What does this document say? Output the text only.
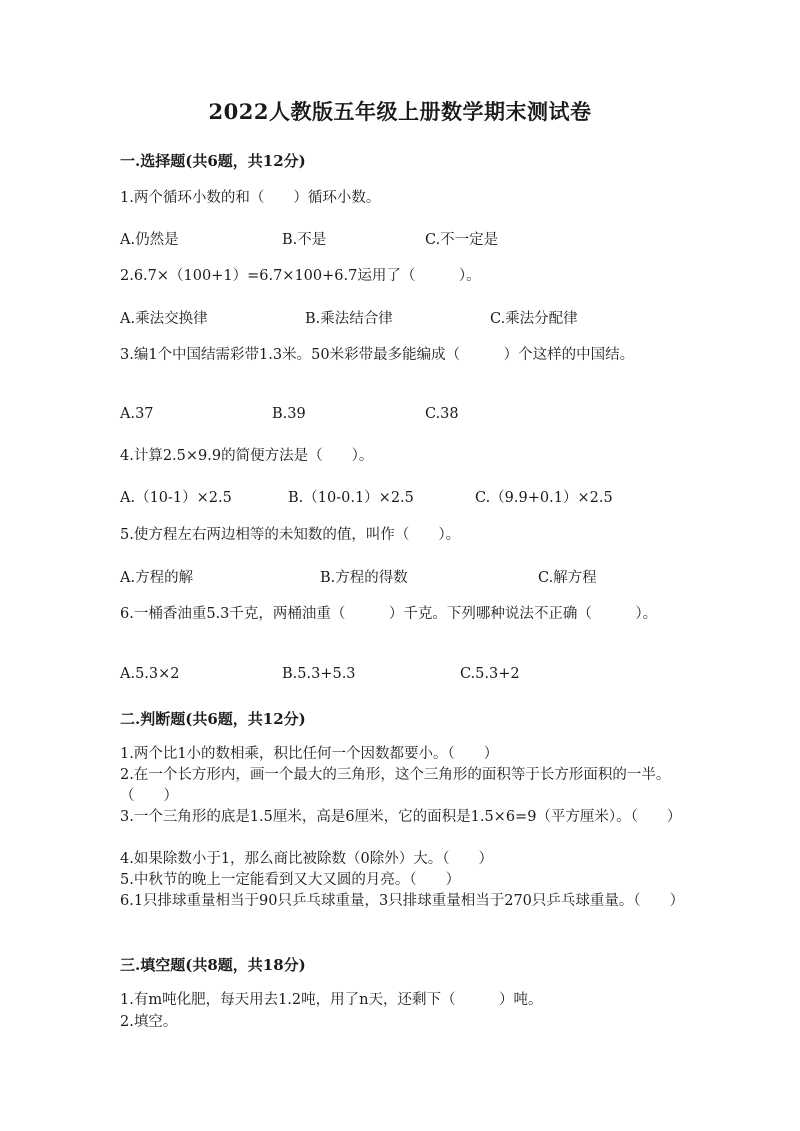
2022人教版五年级上册数学期末测试卷
一.选择题(共6题，共12分)
1.两个循环小数的和（　　）循环小数。
A.仍然是	B.不是	C.不一定是
2.6.7×（100+1）=6.7×100+6.7运用了（　　　）。
A.乘法交换律	B.乘法结合律	C.乘法分配律
3.编1个中国结需彩带1.3米。50米彩带最多能编成（　　　）个这样的中国结。
A.37	B.39	C.38
4.计算2.5×9.9的简便方法是（　　）。
A.（10-1）×2.5	B.（10-0.1）×2.5	C.（9.9+0.1）×2.5
5.使方程左右两边相等的未知数的值，叫作（　　）。
A.方程的解	B.方程的得数	C.解方程
6.一桶香油重5.3千克，两桶油重（　　　）千克。下列哪种说法不正确（　　　）。
A.5.3×2	B.5.3+5.3	C.5.3+2
二.判断题(共6题，共12分)
1.两个比1小的数相乘，积比任何一个因数都要小。（　　）
2.在一个长方形内，画一个最大的三角形，这个三角形的面积等于长方形面积的一半。（　　）
3.一个三角形的底是1.5厘米，高是6厘米，它的面积是1.5×6=9（平方厘米）。（　　）
4.如果除数小于1，那么商比被除数（0除外）大。（　　）
5.中秋节的晚上一定能看到又大又圆的月亮。（　　）
6.1只排球重量相当于90只乒乓球重量，3只排球重量相当于270只乒乓球重量。（　　）
三.填空题(共8题，共18分)
1.有m吨化肥，每天用去1.2吨，用了n天，还剩下（　　　）吨。
2.填空。
